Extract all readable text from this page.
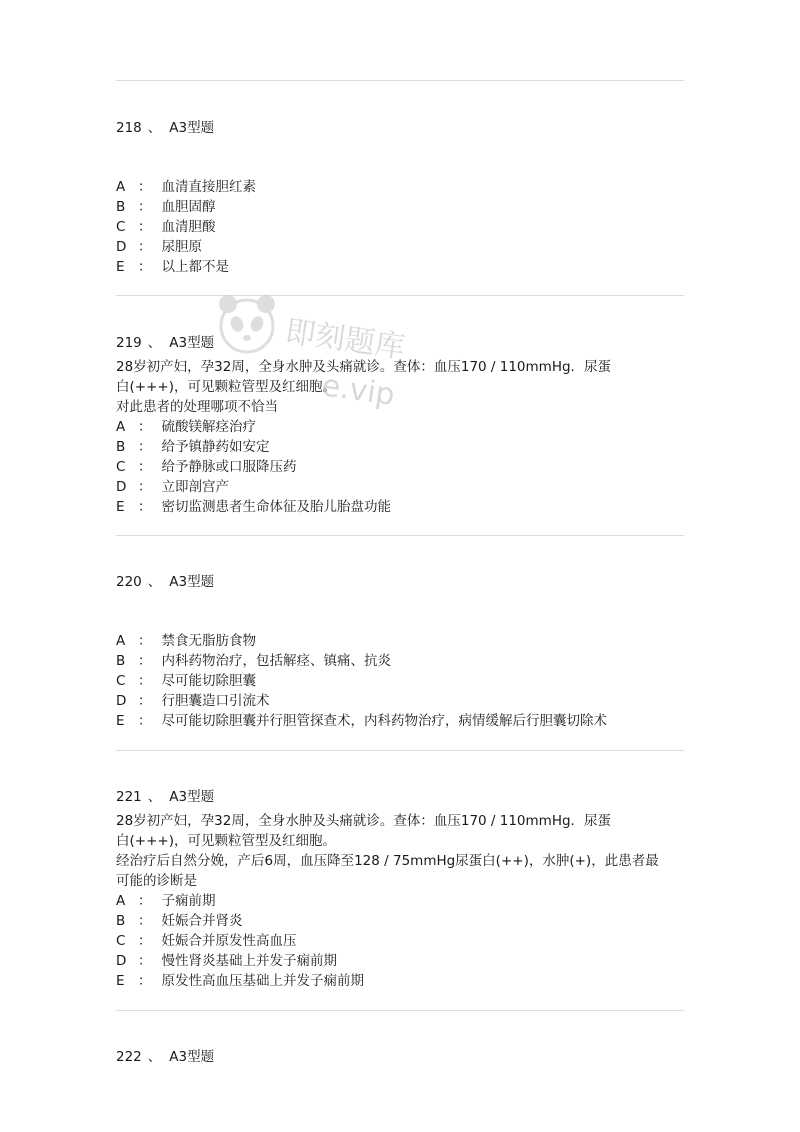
218 、 A3型题
A ： 血清直接胆红素
B ： 血胆固醇
C ： 血清胆酸
D ： 尿胆原
E ： 以上都不是
219 、 A3型题
28岁初产妇，孕32周，全身水肿及头痛就诊。查体：血压170 / 110mmHg．尿蛋
白(+++)，可见颗粒管型及红细胞。
对此患者的处理哪项不恰当
A ： 硫酸镁解痉治疗
B ： 给予镇静药如安定
C ： 给予静脉或口服降压药
D ： 立即剖宫产
E ： 密切监测患者生命体征及胎儿胎盘功能
220 、 A3型题
A ： 禁食无脂肪食物
B ： 内科药物治疗，包括解痉、镇痛、抗炎
C ： 尽可能切除胆囊
D ： 行胆囊造口引流术
E ： 尽可能切除胆囊并行胆管探查术，内科药物治疗，病情缓解后行胆囊切除术
221 、 A3型题
28岁初产妇，孕32周，全身水肿及头痛就诊。查体：血压170 / 110mmHg．尿蛋
白(+++)，可见颗粒管型及红细胞。
经治疗后自然分娩，产后6周，血压降至128 / 75mmHg尿蛋白(++)，水肿(+)，此患者最
可能的诊断是
A ： 子痫前期
B ： 妊娠合并肾炎
C ： 妊娠合并原发性高血压
D ： 慢性肾炎基础上并发子痫前期
E ： 原发性高血压基础上并发子痫前期
222 、 A3型题
即刻题库
e.vip
